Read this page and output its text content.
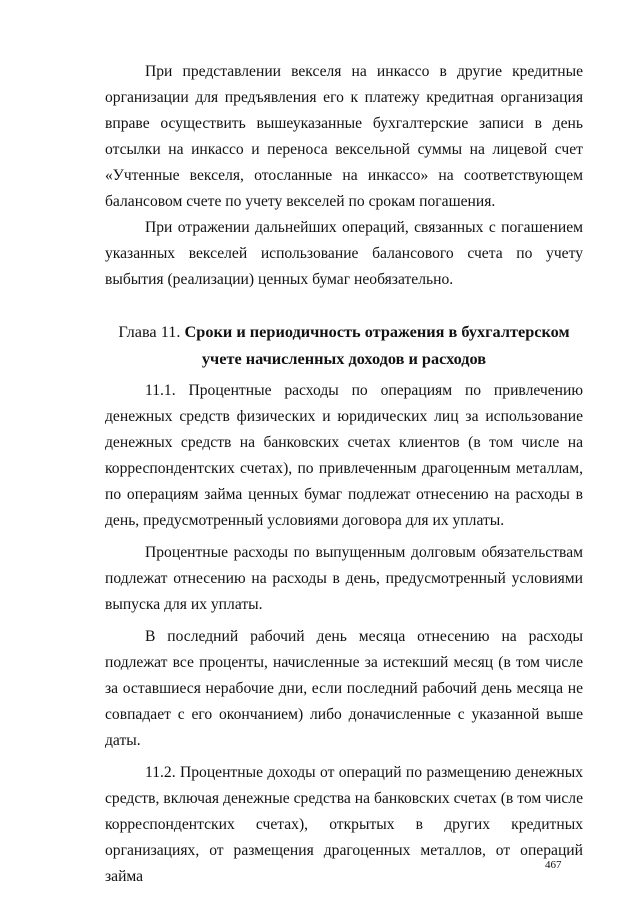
При представлении векселя на инкассо в другие кредитные организации для предъявления его к платежу кредитная организация вправе осуществить вышеуказанные бухгалтерские записи в день отсылки на инкассо и переноса вексельной суммы на лицевой счет «Учтенные векселя, отосланные на инкассо» на соответствующем балансовом счете по учету векселей по срокам погашения.

При отражении дальнейших операций, связанных с погашением указанных векселей использование балансового счета по учету выбытия (реализации) ценных бумаг необязательно.

Глава 11. Сроки и периодичность отражения в бухгалтерском учете начисленных доходов и расходов

11.1. Процентные расходы по операциям по привлечению денежных средств физических и юридических лиц за использование денежных средств на банковских счетах клиентов (в том числе на корреспондентских счетах), по привлеченным драгоценным металлам, по операциям займа ценных бумаг подлежат отнесению на расходы в день, предусмотренный условиями договора для их уплаты.

Процентные расходы по выпущенным долговым обязательствам подлежат отнесению на расходы в день, предусмотренный условиями выпуска для их уплаты.

В последний рабочий день месяца отнесению на расходы подлежат все проценты, начисленные за истекший месяц (в том числе за оставшиеся нерабочие дни, если последний рабочий день месяца не совпадает с его окончанием) либо доначисленные с указанной выше даты.

11.2. Процентные доходы от операций по размещению денежных средств, включая денежные средства на банковских счетах (в том числе корреспондентских счетах), открытых в других кредитных организациях, от размещения драгоценных металлов, от операций займа

467
